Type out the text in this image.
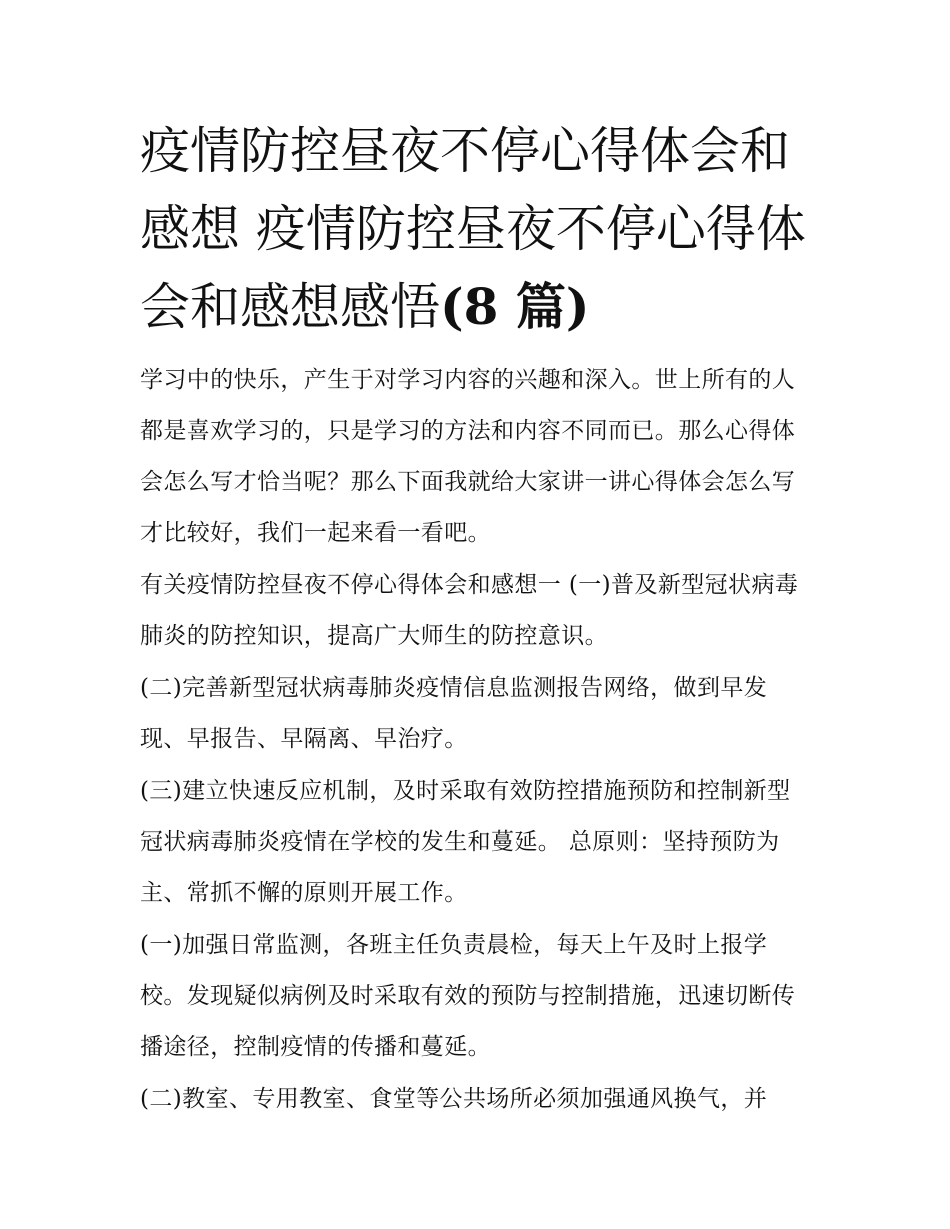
疫情防控昼夜不停心得体会和感想 疫情防控昼夜不停心得体会和感想感悟(8 篇)

学习中的快乐，产生于对学习内容的兴趣和深入。世上所有的人都是喜欢学习的，只是学习的方法和内容不同而已。那么心得体会怎么写才恰当呢？那么下面我就给大家讲一讲心得体会怎么写才比较好，我们一起来看一看吧。

有关疫情防控昼夜不停心得体会和感想一 (一)普及新型冠状病毒肺炎的防控知识，提高广大师生的防控意识。

(二)完善新型冠状病毒肺炎疫情信息监测报告网络，做到早发现、早报告、早隔离、早治疗。

(三)建立快速反应机制，及时采取有效防控措施预防和控制新型冠状病毒肺炎疫情在学校的发生和蔓延。 总原则：坚持预防为主、常抓不懈的原则开展工作。

(一)加强日常监测，各班主任负责晨检，每天上午及时上报学校。发现疑似病例及时采取有效的预防与控制措施，迅速切断传播途径，控制疫情的传播和蔓延。

(二)教室、专用教室、食堂等公共场所必须加强通风换气，并
